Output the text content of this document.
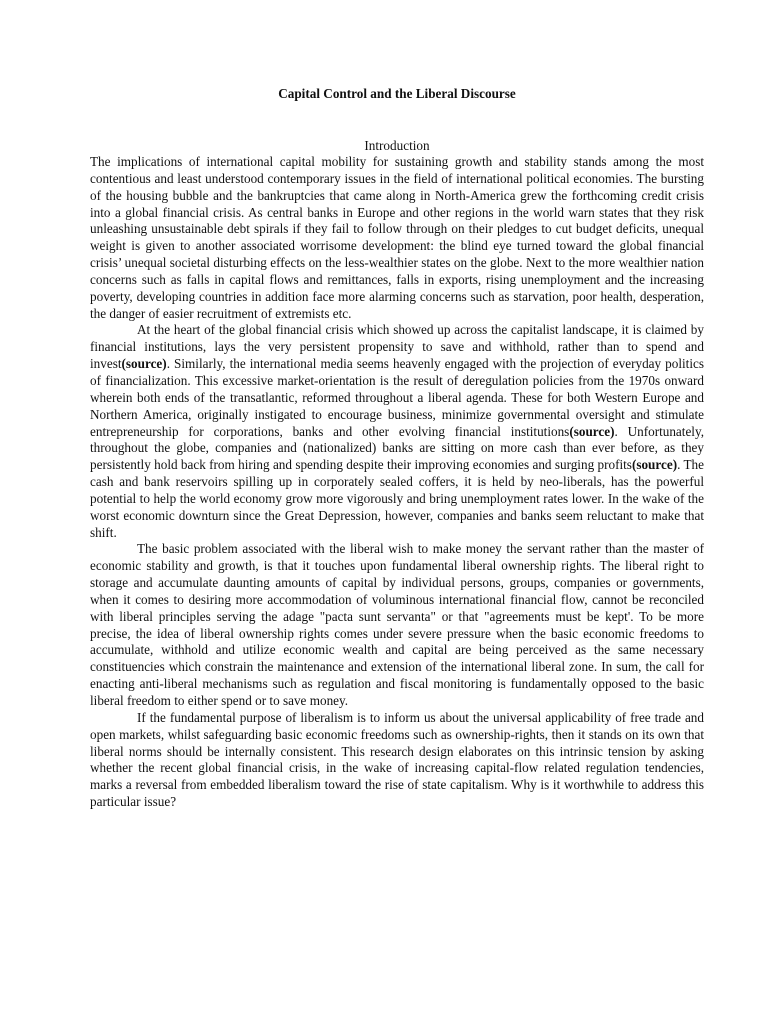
Capital Control and the Liberal Discourse
Introduction

The implications of international capital mobility for sustaining growth and stability stands among the most contentious and least understood contemporary issues in the field of international political economies. The bursting of the housing bubble and the bankruptcies that came along in North-America grew the forthcoming credit crisis into a global financial crisis. As central banks in Europe and other regions in the world warn states that they risk unleashing unsustainable debt spirals if they fail to follow through on their pledges to cut budget deficits, unequal weight is given to another associated worrisome development: the blind eye turned toward the global financial crisis’ unequal societal disturbing effects on the less-wealthier states on the globe. Next to the more wealthier nation concerns such as falls in capital flows and remittances, falls in exports, rising unemployment and the increasing poverty, developing countries in addition face more alarming concerns such as starvation, poor health, desperation, the danger of easier recruitment of extremists etc.

At the heart of the global financial crisis which showed up across the capitalist landscape, it is claimed by financial institutions, lays the very persistent propensity to save and withhold, rather than to spend and invest(source). Similarly, the international media seems heavenly engaged with the projection of everyday politics of financialization. This excessive market-orientation is the result of deregulation policies from the 1970s onward wherein both ends of the transatlantic, reformed throughout a liberal agenda. These for both Western Europe and Northern America, originally instigated to encourage business, minimize governmental oversight and stimulate entrepreneurship for corporations, banks and other evolving financial institutions(source). Unfortunately, throughout the globe, companies and (nationalized) banks are sitting on more cash than ever before, as they persistently hold back from hiring and spending despite their improving economies and surging profits(source). The cash and bank reservoirs spilling up in corporately sealed coffers, it is held by neo-liberals, has the powerful potential to help the world economy grow more vigorously and bring unemployment rates lower. In the wake of the worst economic downturn since the Great Depression, however, companies and banks seem reluctant to make that shift.

The basic problem associated with the liberal wish to make money the servant rather than the master of economic stability and growth, is that it touches upon fundamental liberal ownership rights. The liberal right to storage and accumulate daunting amounts of capital by individual persons, groups, companies or governments, when it comes to desiring more accommodation of voluminous international financial flow, cannot be reconciled with liberal principles serving the adage "pacta sunt servanta" or that "agreements must be kept'. To be more precise, the idea of liberal ownership rights comes under severe pressure when the basic economic freedoms to accumulate, withhold and utilize economic wealth and capital are being perceived as the same necessary constituencies which constrain the maintenance and extension of the international liberal zone. In sum, the call for enacting anti-liberal mechanisms such as regulation and fiscal monitoring is fundamentally opposed to the basic liberal freedom to either spend or to save money.

If the fundamental purpose of liberalism is to inform us about the universal applicability of free trade and open markets, whilst safeguarding basic economic freedoms such as ownership-rights, then it stands on its own that liberal norms should be internally consistent. This research design elaborates on this intrinsic tension by asking whether the recent global financial crisis, in the wake of increasing capital-flow related regulation tendencies, marks a reversal from embedded liberalism toward the rise of state capitalism. Why is it worthwhile to address this particular issue?
